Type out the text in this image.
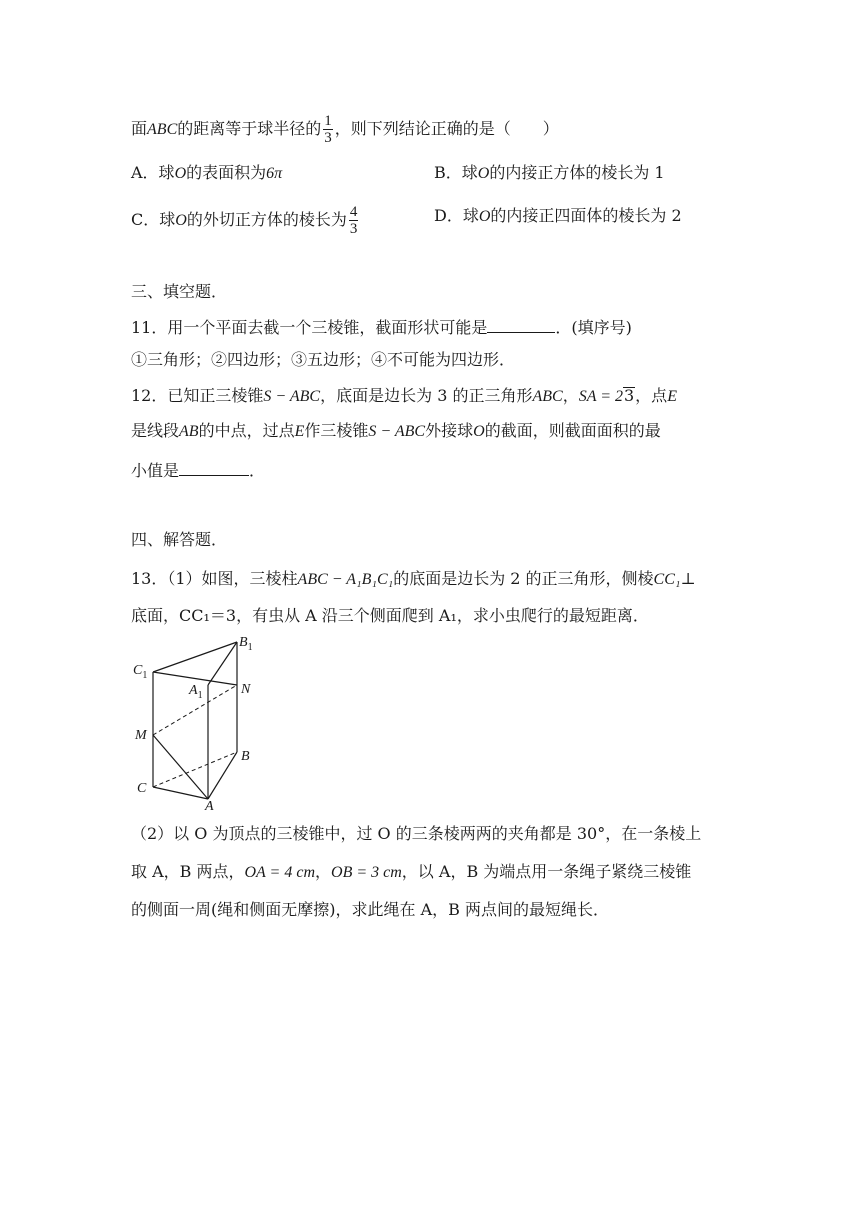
面ABC的距离等于球半径的 $\frac{1}{3}$ ，则下列结论正确的是（　　）
A．球O的表面积为6π	B．球O的内接正方体的棱长为 1
C．球O的外切正方体的棱长为 $\frac{4}{3}$	D．球O的内接正四面体的棱长为 2
三、填空题．
11．用一个平面去截一个三棱锥，截面形状可能是	．(填序号)
①三角形；②四边形；③五边形；④不可能为四边形．
12．已知正三棱锥S − ABC，底面是边长为 3 的正三角形ABC，SA = 23，点E
是线段AB的中点，过点E作三棱锥S − ABC外接球O的截面，则截面面积的最
小值是	．
四、解答题．
13．（1）如图，三棱柱ABC − A₁B₁C₁的底面是边长为 2 的正三角形，侧棱CC₁⊥
底面，CC₁＝3，有虫从 A 沿三个侧面爬到 A₁，求小虫爬行的最短距离．
$B_1$
$C_1$
$A_1$	N
M
B
C
A
（2）以 O 为顶点的三棱锥中，过 O 的三条棱两两的夹角都是 30°，在一条棱上
取 A，B 两点，OA = 4 cm，OB = 3 cm，以 A，B 为端点用一条绳子紧绕三棱锥
的侧面一周(绳和侧面无摩擦)，求此绳在 A，B 两点间的最短绳长．
